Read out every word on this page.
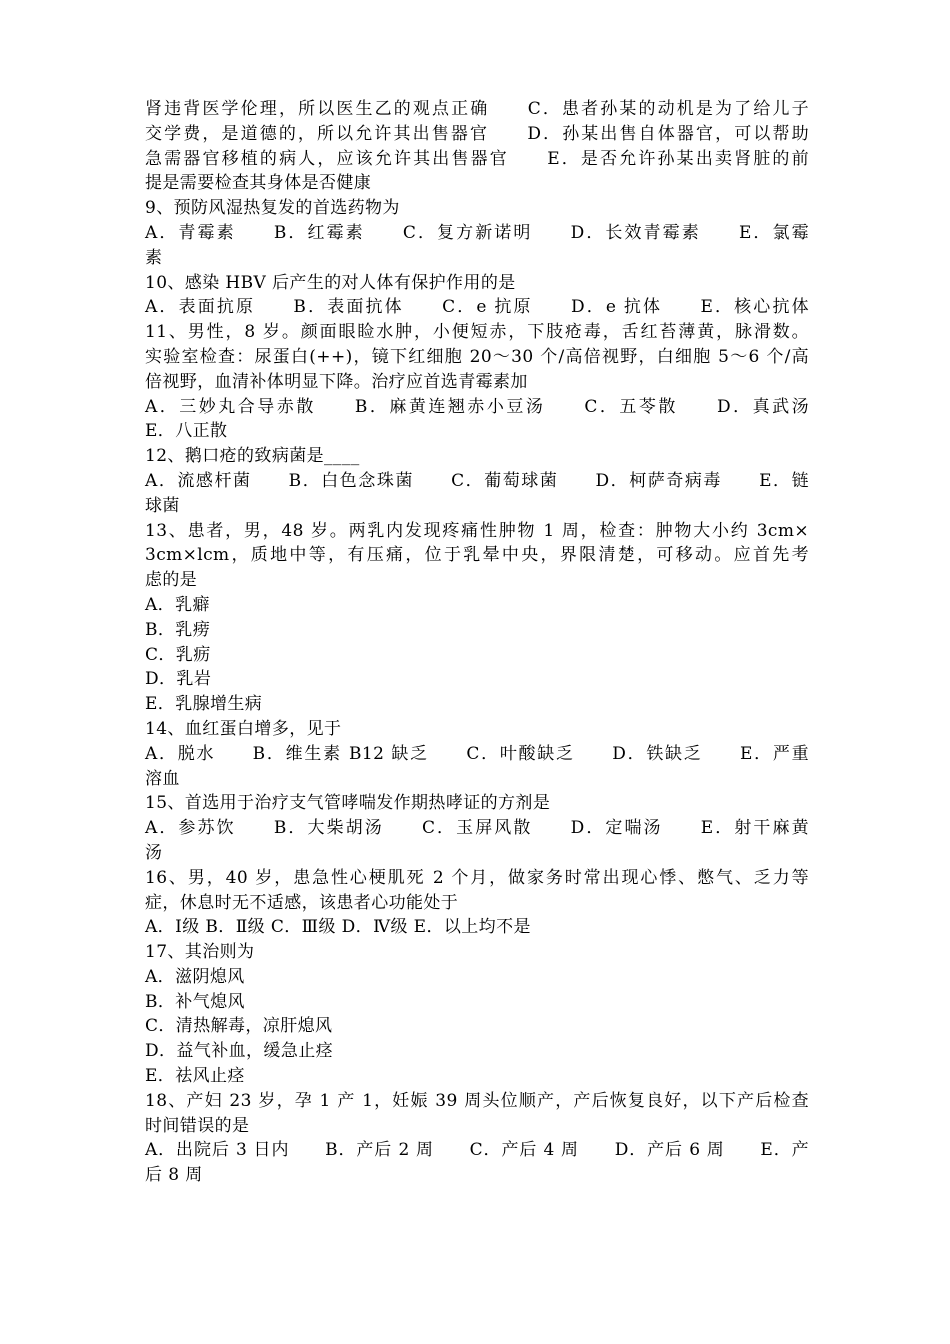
肾违背医学伦理，所以医生乙的观点正确　　C．患者孙某的动机是为了给儿子
交学费，是道德的，所以允许其出售器官　　D．孙某出售自体器官，可以帮助
急需器官移植的病人，应该允许其出售器官　　E．是否允许孙某出卖肾脏的前
提是需要检查其身体是否健康
9、预防风湿热复发的首选药物为
A．青霉素　　B．红霉素　　C．复方新诺明　　D．长效青霉素　　E．氯霉
素
10、感染 HBV 后产生的对人体有保护作用的是
A．表面抗原　　B．表面抗体　　C．e 抗原　　D．e 抗体　　E．核心抗体
11、男性，8 岁。颜面眼睑水肿，小便短赤，下肢疮毒，舌红苔薄黄，脉滑数。
实验室检查：尿蛋白(++)，镜下红细胞 20～30 个/高倍视野，白细胞 5～6 个/高
倍视野，血清补体明显下降。治疗应首选青霉素加
A．三妙丸合导赤散　　B．麻黄连翘赤小豆汤　　C．五苓散　　D．真武汤
E．八正散
12、鹅口疮的致病菌是____
A．流感杆菌　　B．白色念珠菌　　C．葡萄球菌　　D．柯萨奇病毒　　E．链
球菌
13、患者，男，48 岁。两乳内发现疼痛性肿物 1 周，检查：肿物大小约 3cm×
3cm×lcm，质地中等，有压痛，位于乳晕中央，界限清楚，可移动。应首先考
虑的是
A．乳癖
B．乳痨
C．乳疬
D．乳岩
E．乳腺增生病
14、血红蛋白增多，见于
A．脱水　　B．维生素 B12 缺乏　　C．叶酸缺乏　　D．铁缺乏　　E．严重
溶血
15、首选用于治疗支气管哮喘发作期热哮证的方剂是
A．参苏饮　　B．大柴胡汤　　C．玉屏风散　　D．定喘汤　　E．射干麻黄
汤
16、男，40 岁，患急性心梗肌死 2 个月，做家务时常出现心悸、憋气、乏力等
症，休息时无不适感，该患者心功能处于
A．Ⅰ级 B．Ⅱ级 C．Ⅲ级 D．Ⅳ级 E．以上均不是
17、其治则为
A．滋阴熄风
B．补气熄风
C．清热解毒，凉肝熄风
D．益气补血，缓急止痉
E．祛风止痉
18、产妇 23 岁，孕 1 产 1，妊娠 39 周头位顺产，产后恢复良好，以下产后检查
时间错误的是
A．出院后 3 日内　　B．产后 2 周　　C．产后 4 周　　D．产后 6 周　　E．产
后 8 周
